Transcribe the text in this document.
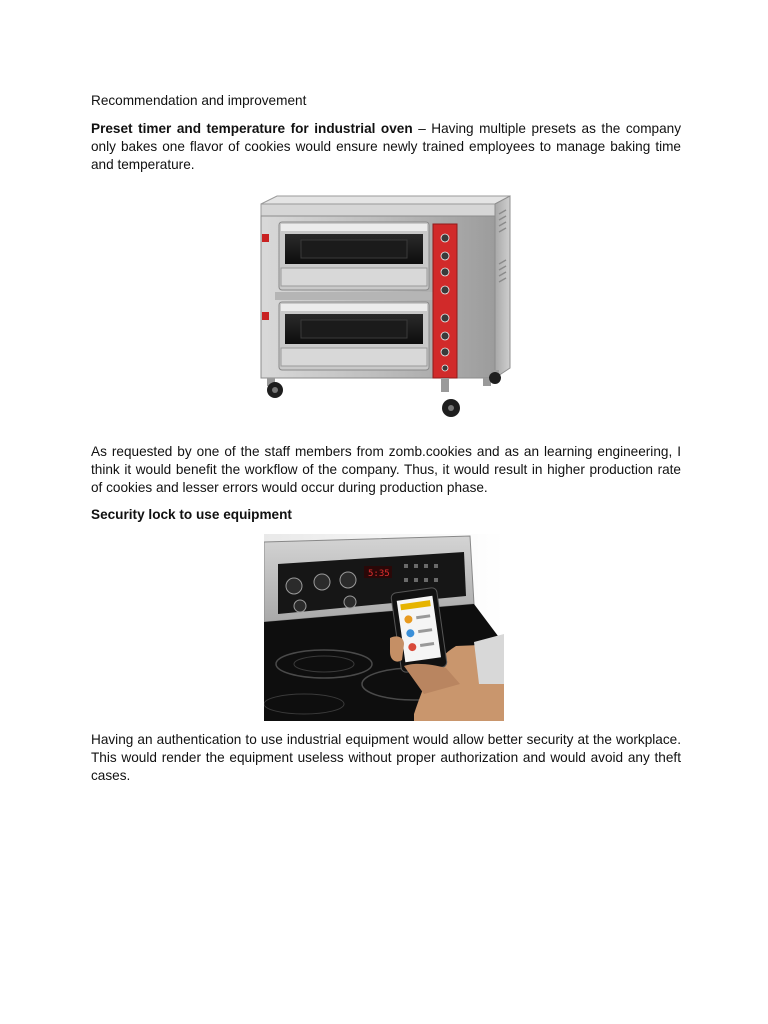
Recommendation and improvement

Preset timer and temperature for industrial oven – Having multiple presets as the company only bakes one flavor of cookies would ensure newly trained employees to manage baking time and temperature.

As requested by one of the staff members from zomb.cookies and as an learning engineering, I think it would benefit the workflow of the company. Thus, it would result in higher production rate of cookies and lesser errors would occur during production phase.

Security lock to use equipment

Having an authentication to use industrial equipment would allow better security at the workplace. This would render the equipment useless without proper authorization and would avoid any theft cases.

5:35
